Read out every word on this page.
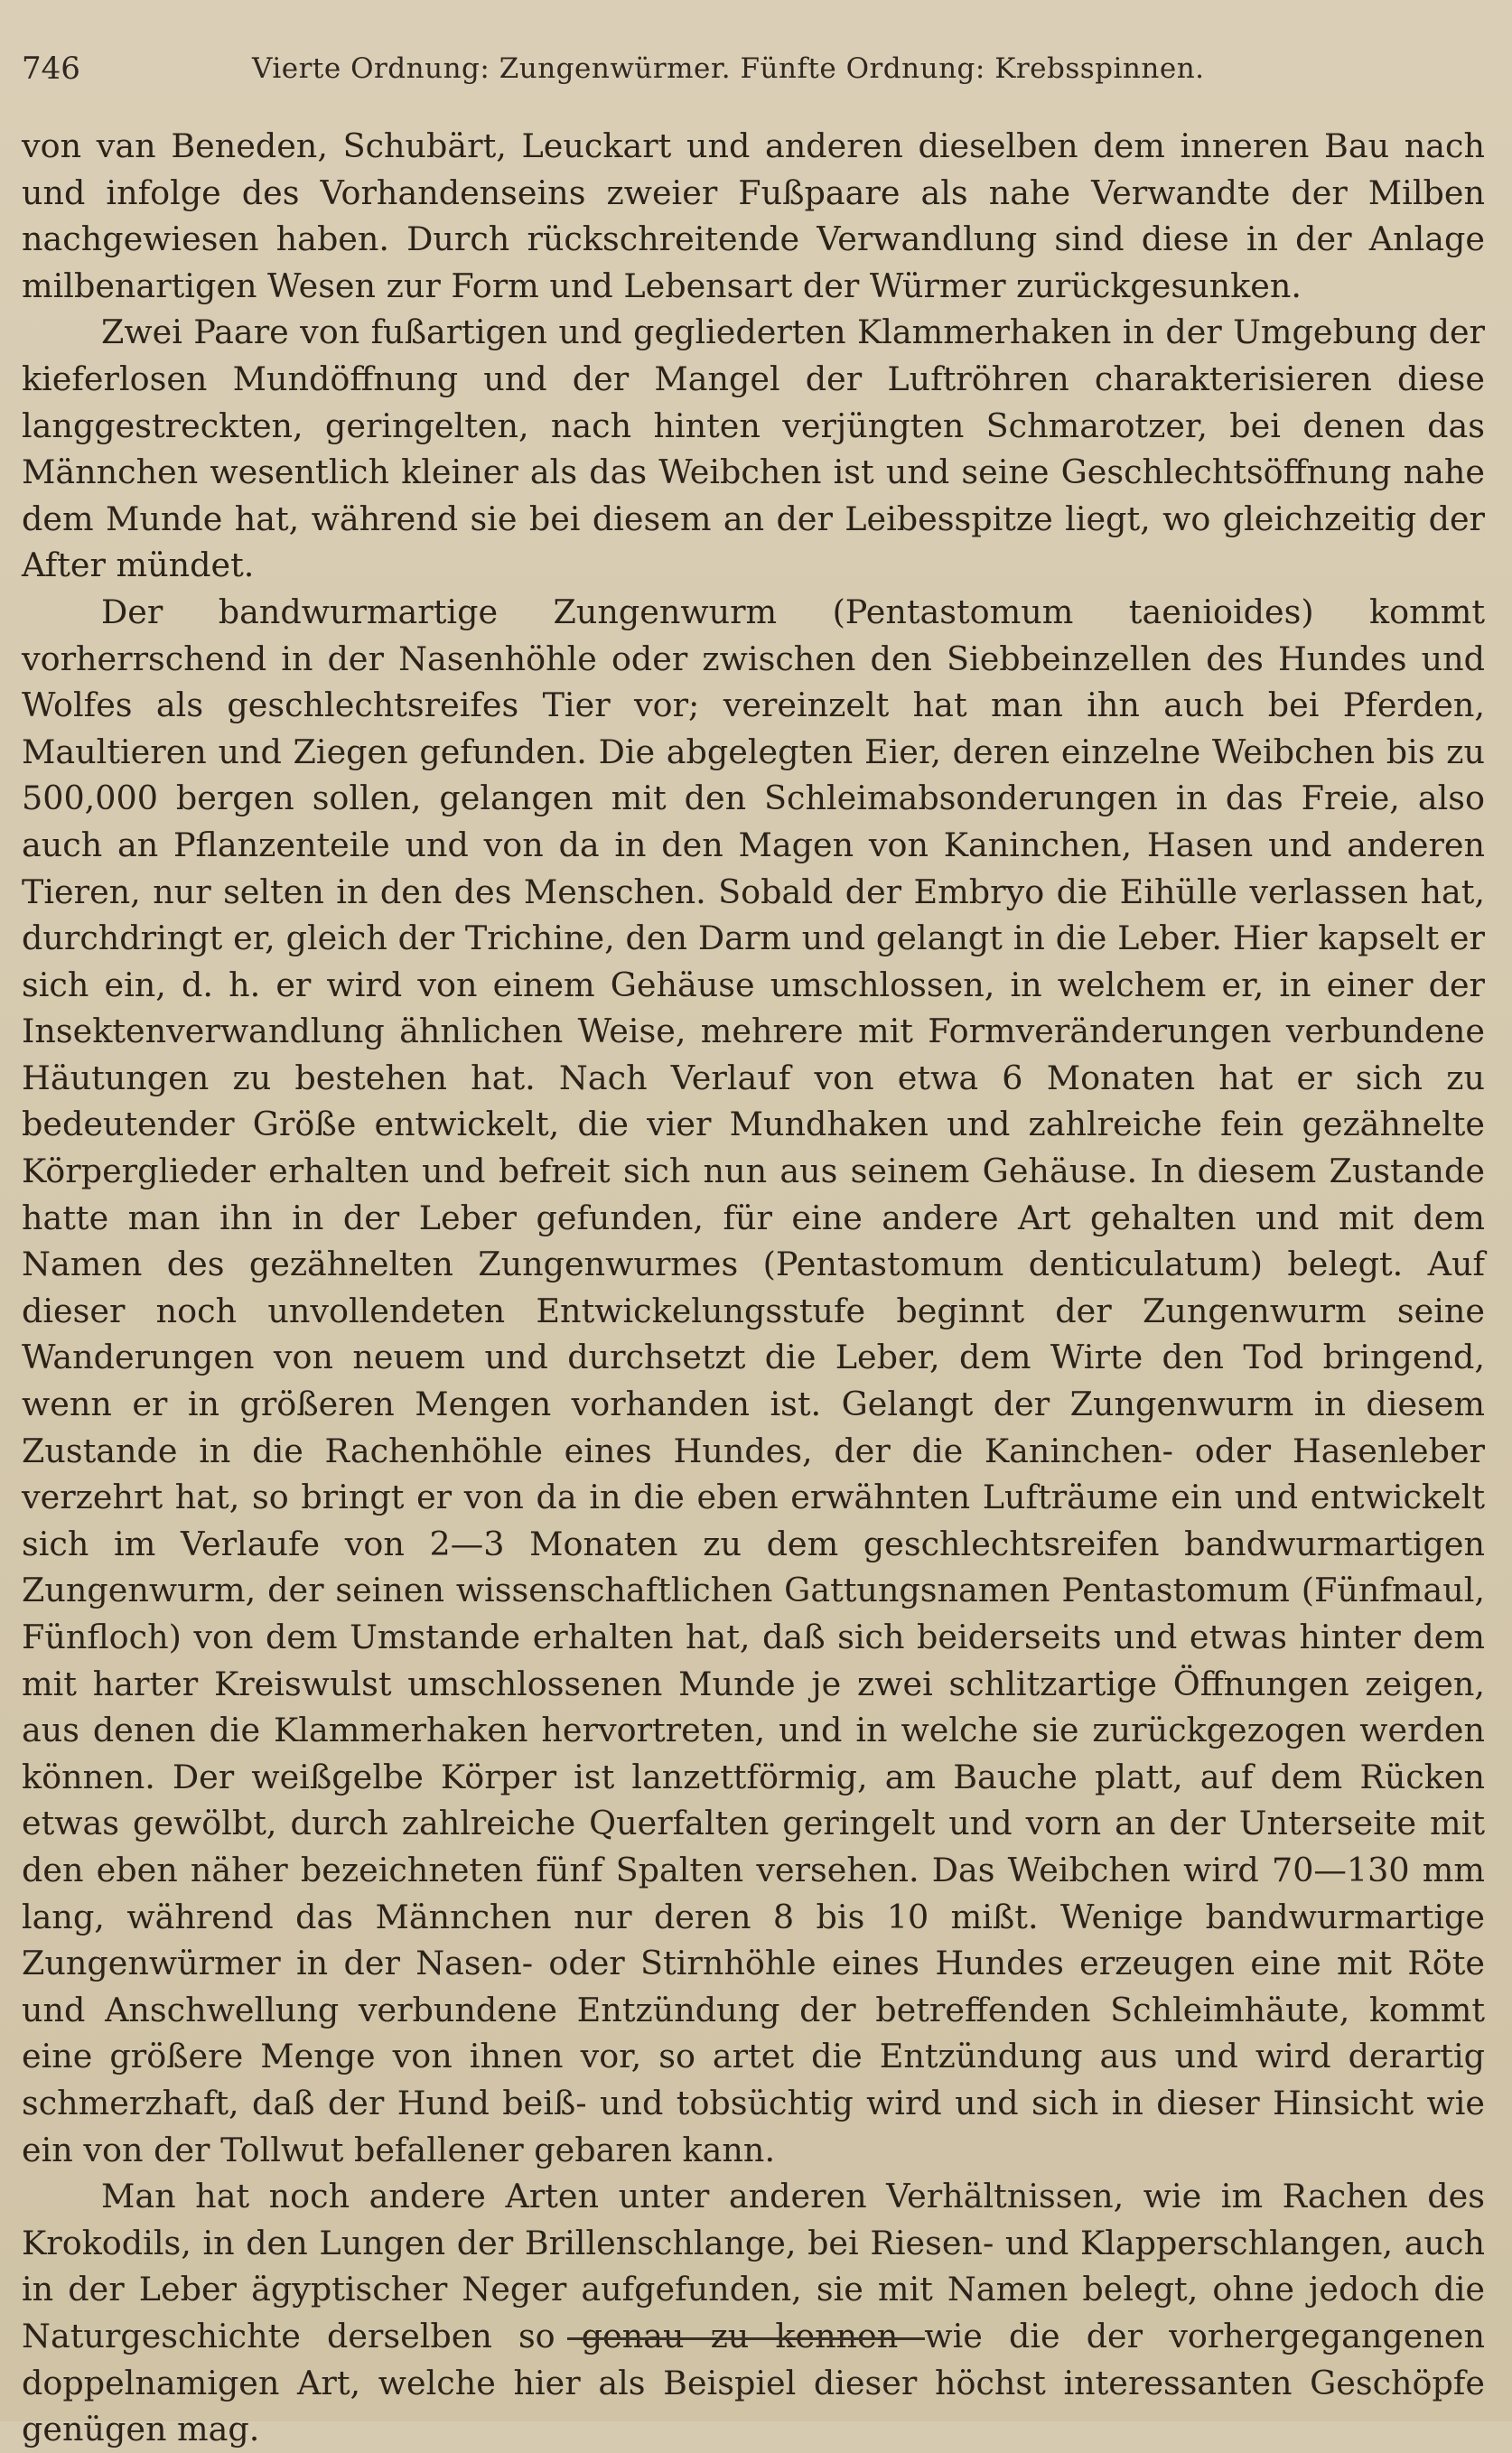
746	Vierte Ordnung: Zungenwürmer. Fünfte Ordnung: Krebsspinnen.

von van Beneden, Schubärt, Leuckart und anderen dieselben dem inneren Bau nach und infolge des Vorhandenseins zweier Fußpaare als nahe Verwandte der Milben nachgewiesen haben. Durch rückschreitende Verwandlung sind diese in der Anlage milbenartigen Wesen zur Form und Lebensart der Würmer zurückgesunken.

Zwei Paare von fußartigen und gegliederten Klammerhaken in der Umgebung der kieferlosen Mundöffnung und der Mangel der Luftröhren charakterisieren diese langgestreckten, geringelten, nach hinten verjüngten Schmarotzer, bei denen das Männchen wesentlich kleiner als das Weibchen ist und seine Geschlechtsöffnung nahe dem Munde hat, während sie bei diesem an der Leibesspitze liegt, wo gleichzeitig der After mündet.

Der bandwurmartige Zungenwurm (Pentastomum taenioides) kommt vorherrschend in der Nasenhöhle oder zwischen den Siebbeinzellen des Hundes und Wolfes als geschlechtsreifes Tier vor; vereinzelt hat man ihn auch bei Pferden, Maultieren und Ziegen gefunden. Die abgelegten Eier, deren einzelne Weibchen bis zu 500,000 bergen sollen, gelangen mit den Schleimabsonderungen in das Freie, also auch an Pflanzenteile und von da in den Magen von Kaninchen, Hasen und anderen Tieren, nur selten in den des Menschen. Sobald der Embryo die Eihülle verlassen hat, durchdringt er, gleich der Trichine, den Darm und gelangt in die Leber. Hier kapselt er sich ein, d. h. er wird von einem Gehäuse umschlossen, in welchem er, in einer der Insektenverwandlung ähnlichen Weise, mehrere mit Formveränderungen verbundene Häutungen zu bestehen hat. Nach Verlauf von etwa 6 Monaten hat er sich zu bedeutender Größe entwickelt, die vier Mundhaken und zahlreiche fein gezähnelte Körperglieder erhalten und befreit sich nun aus seinem Gehäuse. In diesem Zustande hatte man ihn in der Leber gefunden, für eine andere Art gehalten und mit dem Namen des gezähnelten Zungenwurmes (Pentastomum denticulatum) belegt. Auf dieser noch unvollendeten Entwickelungsstufe beginnt der Zungenwurm seine Wanderungen von neuem und durchsetzt die Leber, dem Wirte den Tod bringend, wenn er in größeren Mengen vorhanden ist. Gelangt der Zungenwurm in diesem Zustande in die Rachenhöhle eines Hundes, der die Kaninchen- oder Hasenleber verzehrt hat, so bringt er von da in die eben erwähnten Lufträume ein und entwickelt sich im Verlaufe von 2—3 Monaten zu dem geschlechtsreifen bandwurmartigen Zungenwurm, der seinen wissenschaftlichen Gattungsnamen Pentastomum (Fünfmaul, Fünfloch) von dem Umstande erhalten hat, daß sich beiderseits und etwas hinter dem mit harter Kreiswulst umschlossenen Munde je zwei schlitzartige Öffnungen zeigen, aus denen die Klammerhaken hervortreten, und in welche sie zurückgezogen werden können. Der weißgelbe Körper ist lanzettförmig, am Bauche platt, auf dem Rücken etwas gewölbt, durch zahlreiche Querfalten geringelt und vorn an der Unterseite mit den eben näher bezeichneten fünf Spalten versehen. Das Weibchen wird 70—130 mm lang, während das Männchen nur deren 8 bis 10 mißt. Wenige bandwurmartige Zungenwürmer in der Nasen- oder Stirnhöhle eines Hundes erzeugen eine mit Röte und Anschwellung verbundene Entzündung der betreffenden Schleimhäute, kommt eine größere Menge von ihnen vor, so artet die Entzündung aus und wird derartig schmerzhaft, daß der Hund beiß- und tobsüchtig wird und sich in dieser Hinsicht wie ein von der Tollwut befallener gebaren kann.

Man hat noch andere Arten unter anderen Verhältnissen, wie im Rachen des Krokodils, in den Lungen der Brillenschlange, bei Riesen- und Klapperschlangen, auch in der Leber ägyptischer Neger aufgefunden, sie mit Namen belegt, ohne jedoch die Naturgeschichte derselben so genau zu kennen wie die der vorhergegangenen doppelnamigen Art, welche hier als Beispiel dieser höchst interessanten Geschöpfe genügen mag.
